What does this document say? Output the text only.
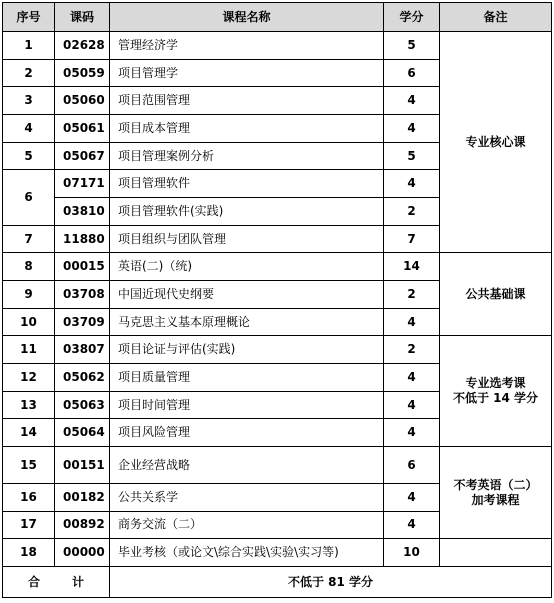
序号	课码	课程名称	学分	备注
1	02628	管理经济学	5	专业核心课
2	05059	项目管理学	6	
3	05060	项目范围管理	4	
4	05061	项目成本管理	4	
5	05067	项目管理案例分析	5	
6	07171	项目管理软件	4	
	03810	项目管理软件(实践)	2	
7	11880	项目组织与团队管理	7	
8	00015	英语(二)（统)	14	公共基础课
9	03708	中国近现代史纲要	2	
10	03709	马克思主义基本原理概论	4	
11	03807	项目论证与评估(实践)	2	专业选考课
不低于 14 学分

12	05062	项目质量管理	4	
13	05063	项目时间管理	4	
14	05064	项目风险管理	4	
15	00151	企业经营战略	6	不考英语（二）
加考课程

16	00182	公共关系学	4	
17	00892	商务交流（二）	4	
18	00000	毕业考核（或论文\综合实践\实验\实习等)	10	
合 计		不低于 81 学分		
